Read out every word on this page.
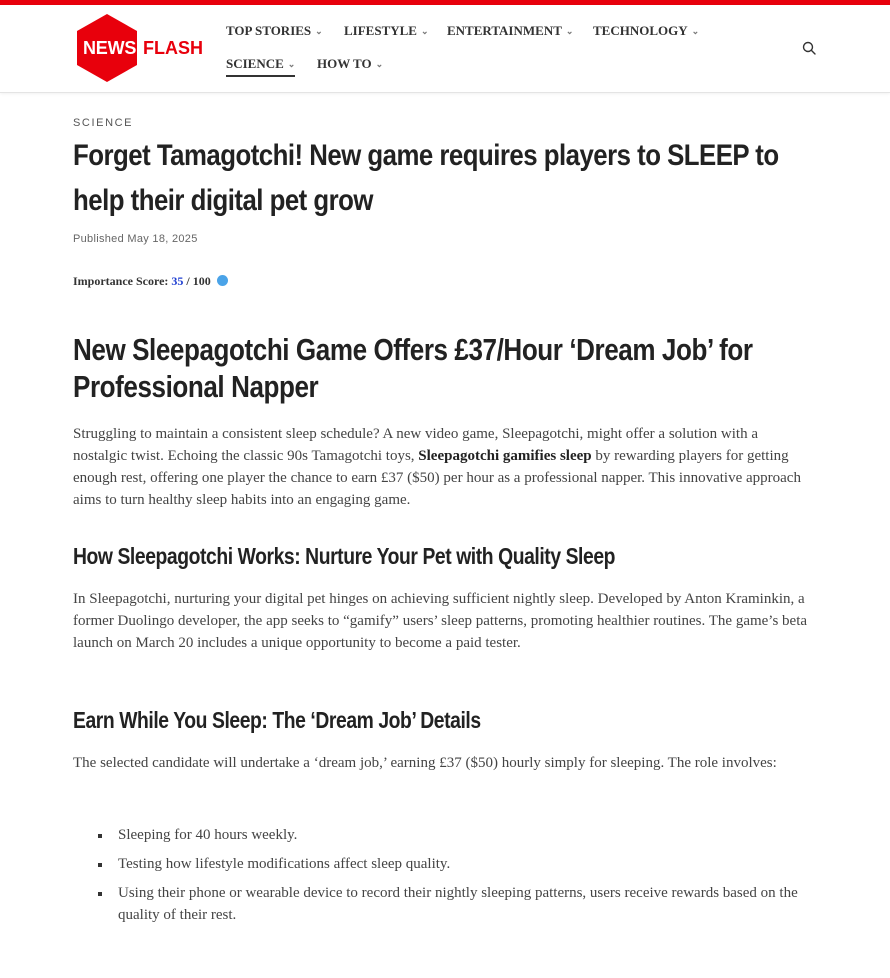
NEWS FLASH
TOP STORIES ⌄ LIFESTYLE ⌄ ENTERTAINMENT ⌄ TECHNOLOGY ⌄
SCIENCE ⌄ HOW TO ⌄
SCIENCE
Forget Tamagotchi! New game requires players to SLEEP to help their digital pet grow
Published May 18, 2025
Importance Score: 35 / 100
New Sleepagotchi Game Offers £37/Hour ‘Dream Job’ for Professional Napper

Struggling to maintain a consistent sleep schedule? A new video game, Sleepagotchi, might offer a solution with a nostalgic twist. Echoing the classic 90s Tamagotchi toys, Sleepagotchi gamifies sleep by rewarding players for getting enough rest, offering one player the chance to earn £37 ($50) per hour as a professional napper. This innovative approach aims to turn healthy sleep habits into an engaging game.

How Sleepagotchi Works: Nurture Your Pet with Quality Sleep

In Sleepagotchi, nurturing your digital pet hinges on achieving sufficient nightly sleep. Developed by Anton Kraminkin, a former Duolingo developer, the app seeks to “gamify” users’ sleep patterns, promoting healthier routines. The game’s beta launch on March 20 includes a unique opportunity to become a paid tester.

Earn While You Sleep: The ‘Dream Job’ Details

The selected candidate will undertake a ‘dream job,’ earning £37 ($50) hourly simply for sleeping. The role involves:

Sleeping for 40 hours weekly.
Testing how lifestyle modifications affect sleep quality.
Using their phone or wearable device to record their nightly sleeping patterns, users receive rewards based on the quality of their rest.
